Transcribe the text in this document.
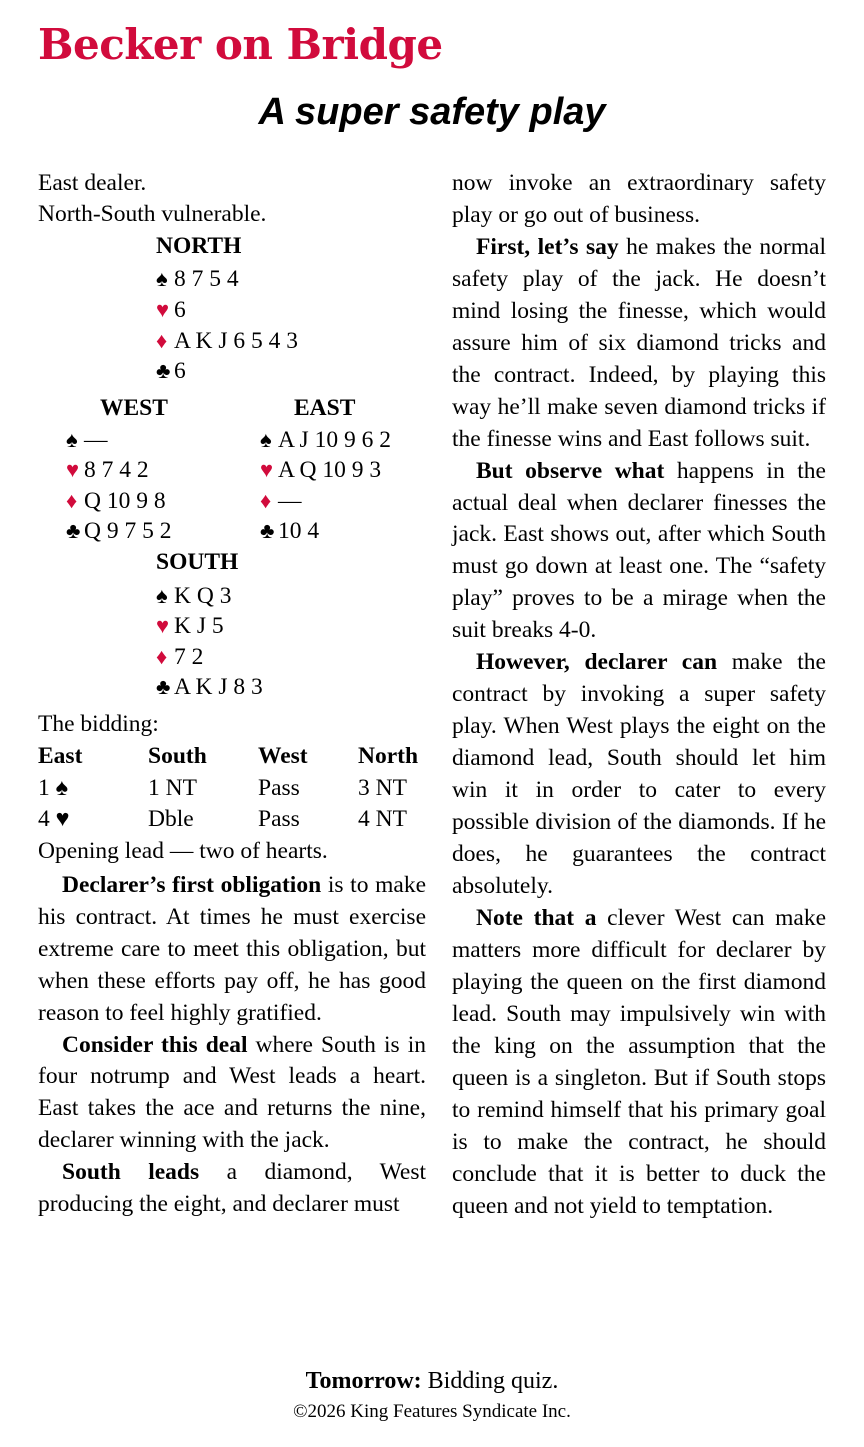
Becker on Bridge
A super safety play
East dealer.
North-South vulnerable.
NORTH
♠ 8 7 5 4
♥ 6
♦ A K J 6 5 4 3
♣ 6
WEST
♠ —
♥ 8 7 4 2
♦ Q 10 9 8
♣ Q 9 7 5 2
EAST
♠ A J 10 9 6 2
♥ A Q 10 9 3
♦ —
♣ 10 4
SOUTH
♠ K Q 3
♥ K J 5
♦ 7 2
♣ A K J 8 3
The bidding:
East	South	West	North
1 ♠	1 NT	Pass	3 NT
4 ♥	Dble	Pass	4 NT
Opening lead — two of hearts.

Declarer’s first obligation is to make his contract. At times he must exercise extreme care to meet this obligation, but when these efforts pay off, he has good reason to feel highly gratified.

Consider this deal where South is in four notrump and West leads a heart. East takes the ace and returns the nine, declarer winning with the jack.

South leads a diamond, West producing the eight, and declarer must

now invoke an extraordinary safety play or go out of business.

First, let’s say he makes the normal safety play of the jack. He doesn’t mind losing the finesse, which would assure him of six diamond tricks and the contract. Indeed, by playing this way he’ll make seven diamond tricks if the finesse wins and East follows suit.

But observe what happens in the actual deal when declarer finesses the jack. East shows out, after which South must go down at least one. The “safety play” proves to be a mirage when the suit breaks 4-0.

However, declarer can make the contract by invoking a super safety play. When West plays the eight on the diamond lead, South should let him win it in order to cater to every possible division of the diamonds. If he does, he guarantees the contract absolutely.

Note that a clever West can make matters more difficult for declarer by playing the queen on the first diamond lead. South may impulsively win with the king on the assumption that the queen is a singleton. But if South stops to remind himself that his primary goal is to make the contract, he should conclude that it is better to duck the queen and not yield to temptation.

Tomorrow: Bidding quiz.
©2026 King Features Syndicate Inc.
